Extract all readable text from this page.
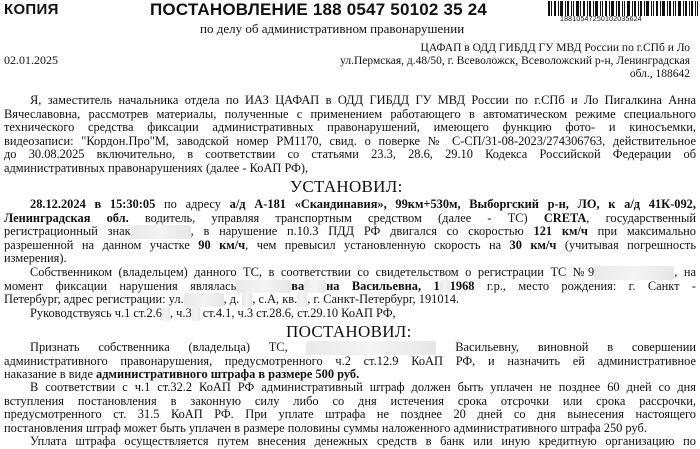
КОПИЯ	ПОСТАНОВЛЕНИЕ 188 0547 50102 35 24
по делу об административном правонарушении
18810547250102035624
02.01.2025
ЦАФАП в ОДД ГИБДД ГУ МВД России по г.СПб и Ло
ул.Пермская, д.48/50, г. Всеволожск, Всеволожский р-н, Ленинградская
обл., 188642
Я, заместитель начальника отдела по ИАЗ ЦАФАП в ОДД ГИБДД ГУ МВД России по г.СПб и Ло Пигалкина Анна
Вячеславовна, рассмотрев материалы, полученные с применением работающего в автоматическом режиме специального
технического средства фиксации административных правонарушений, имеющего функцию фото- и киносъемки,
видеозаписи: "Кордон.Про"М, заводской номер РМ1170, свид. о поверке № С-СП/31-08-2023/274306763, действительное
до 30.08.2025 включительно, в соответствии со статьями 23.3, 28.6, 29.10 Кодекса Российской Федерации об
административных правонарушениях (далее - КоАП РФ),
УСТАНОВИЛ:
28.12.2024 в 15:30:05 по адресу а/д А-181 «Скандинавия», 99км+530м, Выборгский р-н, ЛО, к а/д 41К-092,
Ленинградская обл. водитель, управляя транспортным средством (далее - ТС) CRETA, государственный
регистрационный знак	, в нарушение п.10.3 ПДД РФ двигался со скоростью 121 км/ч при максимально
разрешенной на данном участке 90 км/ч, чем превысил установленную скорость на 30 км/ч (учитывая погрешность
измерения).
Собственником (владельцем) данного ТС, в соответствии со свидетельством о регистрации ТС №9	, на
момент фиксации нарушения являлась	ва на Васильевна, 1 1968 г.р., место рождения: г. Санкт -
Петербург, адрес регистрации: ул.	, д.  , с.А, кв. , г. Санкт-Петербург, 191014.
Руководствуясь ч.1 ст.2.6 , ч.3  ст.4.1, ч.3 ст.28.6, ст.29.10 КоАП РФ,
ПОСТАНОВИЛ:
Признать собственника (владельца) ТС,	Васильевну, виновной в совершении
административного правонарушения, предусмотренного ч.2 ст.12.9 КоАП РФ, и назначить ей административное
наказание в виде административного штрафа в размере 500 руб.
В соответствии с ч.1 ст.32.2 КоАП РФ административный штраф должен быть уплачен не позднее 60 дней со дня
вступления постановления в законную силу либо со дня истечения срока отсрочки или срока рассрочки,
предусмотренного ст. 31.5 КоАП РФ. При уплате штрафа не позднее 20 дней со дня вынесения настоящего
постановления штраф может быть уплачен в размере половины суммы наложенного административного штрафа 250 руб.
Уплата штрафа осуществляется путем внесения денежных средств в банк или иную кредитную организацию по
